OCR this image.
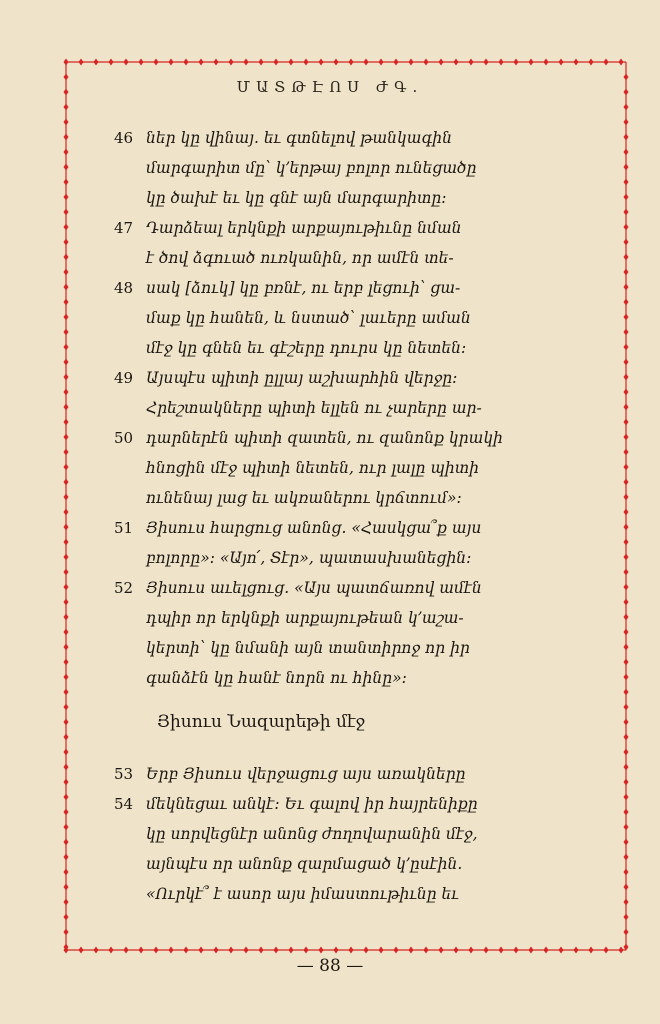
ՄԱՏԹԷՈՍ ԺԳ.
46 ներ կը վինայ. եւ գտնելով թանկագին
մարգարիտ մը՝ կ՚երթայ բոլոր ունեցածը
կը ծախէ եւ կը գնէ այն մարգարիտը:
47 Դարձեալ երկնքի արքայութիւնը նման
է ծով ձգուած ուռկանին, որ ամէն տե-
48 սակ [ձուկ] կը բռնէ, ու երբ լեցուի՝ ցա-
մաք կը հանեն, և նստած՝ լաւերը աման
մէջ կը գնեն եւ գէշերը դուրս կը նետեն:
49 Այսպէս պիտի ըլլայ աշխարհին վերջը:
Հրեշտակները պիտի ելլեն ու չարերը ար-
50 դարներէն պիտի զատեն, ու զանոնք կրակի
հնոցին մէջ պիտի նետեն, ուր լալը պիտի
ունենայ լաց եւ ակռաներու կրճտում»:
51 Յիսուս հարցուց անոնց. «Հասկցա՞ք այս
բոլորը»: «Այո՛, Տէր», պատասխանեցին:
52 Յիսուս աւելցուց. «Այս պատճառով ամէն
դպիր որ երկնքի արքայութեան կ՚աշա-
կերտի՝ կը նմանի այն տանտիրոջ որ իր
գանձէն կը հանէ նորն ու հինը»:
Յիսուս Նազարեթի մէջ
53 Երբ Յիսուս վերջացուց այս առակները
54 մեկնեցաւ անկէ: Եւ գալով իր հայրենիքը
կը սորվեցնէր անոնց ժողովարանին մէջ,
այնպէս որ անոնք զարմացած կ՚ըսէին.
«Ուրկէ՞ է ասոր այս իմաստութիւնը եւ
— 88 —
